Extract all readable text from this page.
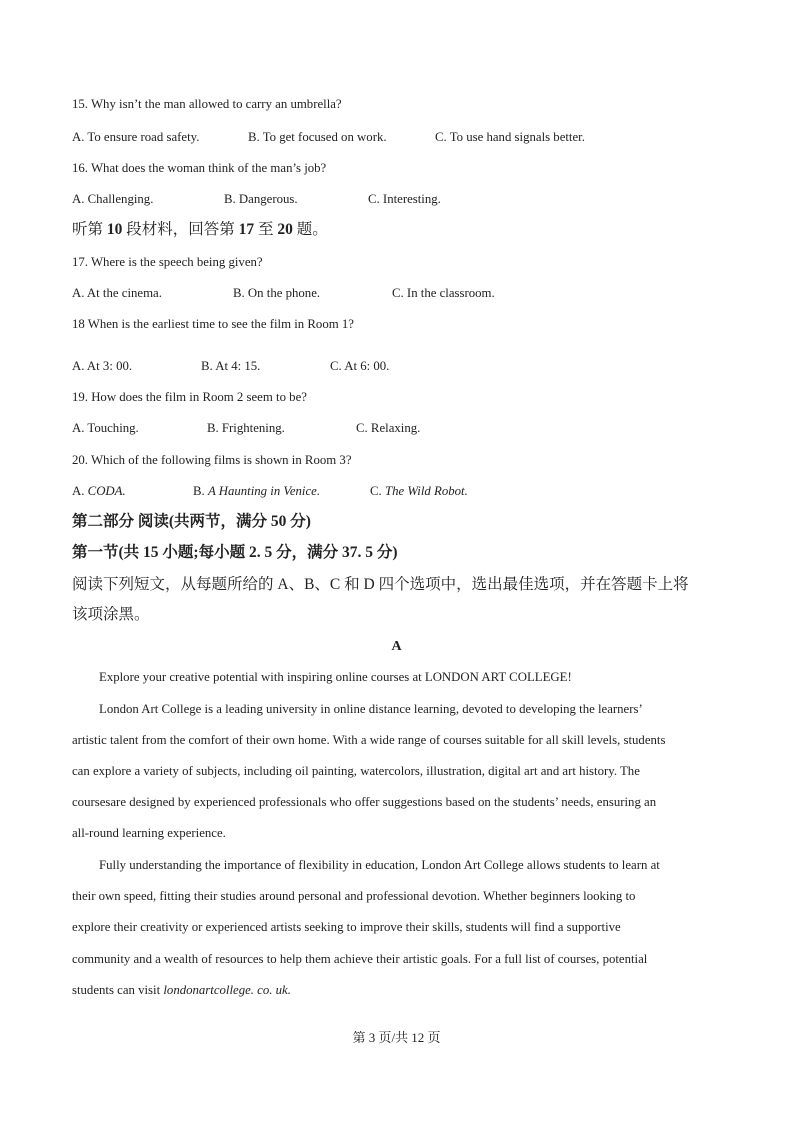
15. Why isn’t the man allowed to carry an umbrella?
A. To ensure road safety.	B. To get focused on work.	C. To use hand signals better.
16. What does the woman think of the man’s job?
A. Challenging.	B. Dangerous.	C. Interesting.
听第 10 段材料，回答第 17 至 20 题。
17. Where is the speech being given?
A. At the cinema.	B. On the phone.	C. In the classroom.
18 When is the earliest time to see the film in Room 1?
A. At 3: 00.	B. At 4: 15.	C. At 6: 00.
19. How does the film in Room 2 seem to be?
A. Touching.	B. Frightening.	C. Relaxing.
20. Which of the following films is shown in Room 3?
A. CODA.	B. A Haunting in Venice.	C. The Wild Robot.
第二部分 阅读(共两节，满分 50 分)
第一节(共 15 小题;每小题 2. 5 分，满分 37. 5 分)
阅读下列短文，从每题所给的 A、B、C 和 D 四个选项中，选出最佳选项，并在答题卡上将
该项涂黑。
A
Explore your creative potential with inspiring online courses at LONDON ART COLLEGE!
London Art College is a leading university in online distance learning, devoted to developing the learners’
artistic talent from the comfort of their own home. With a wide range of courses suitable for all skill levels, students
can explore a variety of subjects, including oil painting, watercolors, illustration, digital art and art history. The
coursesare designed by experienced professionals who offer suggestions based on the students’ needs, ensuring an
all-round learning experience.
Fully understanding the importance of flexibility in education, London Art College allows students to learn at
their own speed, fitting their studies around personal and professional devotion. Whether beginners looking to
explore their creativity or experienced artists seeking to improve their skills, students will find a supportive
community and a wealth of resources to help them achieve their artistic goals. For a full list of courses, potential
students can visit londonartcollege. co. uk.
第 3 页/共 12 页
